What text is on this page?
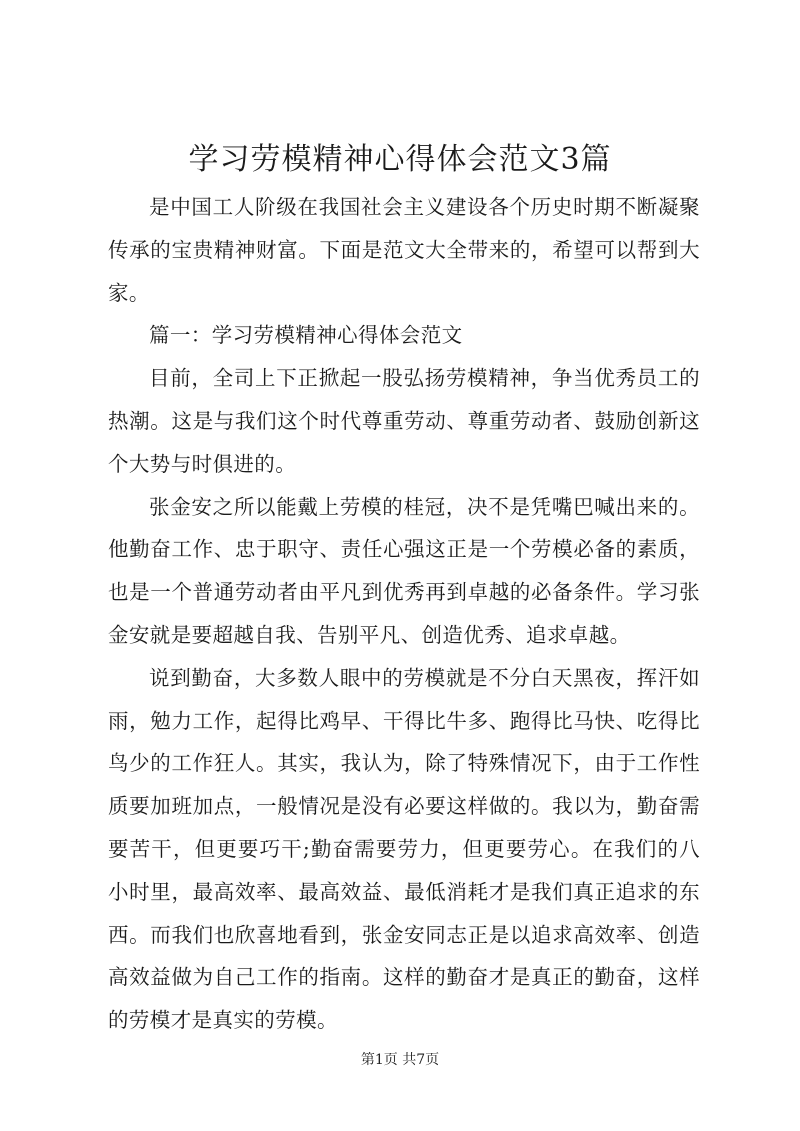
学习劳模精神心得体会范文3篇

是中国工人阶级在我国社会主义建设各个历史时期不断凝聚传承的宝贵精神财富。下面是范文大全带来的，希望可以帮到大家。

篇一：学习劳模精神心得体会范文

目前，全司上下正掀起一股弘扬劳模精神，争当优秀员工的热潮。这是与我们这个时代尊重劳动、尊重劳动者、鼓励创新这个大势与时俱进的。

张金安之所以能戴上劳模的桂冠，决不是凭嘴巴喊出来的。他勤奋工作、忠于职守、责任心强这正是一个劳模必备的素质，也是一个普通劳动者由平凡到优秀再到卓越的必备条件。学习张金安就是要超越自我、告别平凡、创造优秀、追求卓越。

说到勤奋，大多数人眼中的劳模就是不分白天黑夜，挥汗如雨，勉力工作，起得比鸡早、干得比牛多、跑得比马快、吃得比鸟少的工作狂人。其实，我认为，除了特殊情况下，由于工作性质要加班加点，一般情况是没有必要这样做的。我以为，勤奋需要苦干，但更要巧干;勤奋需要劳力，但更要劳心。在我们的八小时里，最高效率、最高效益、最低消耗才是我们真正追求的东西。而我们也欣喜地看到，张金安同志正是以追求高效率、创造高效益做为自己工作的指南。这样的勤奋才是真正的勤奋，这样的劳模才是真实的劳模。

第1页 共7页
